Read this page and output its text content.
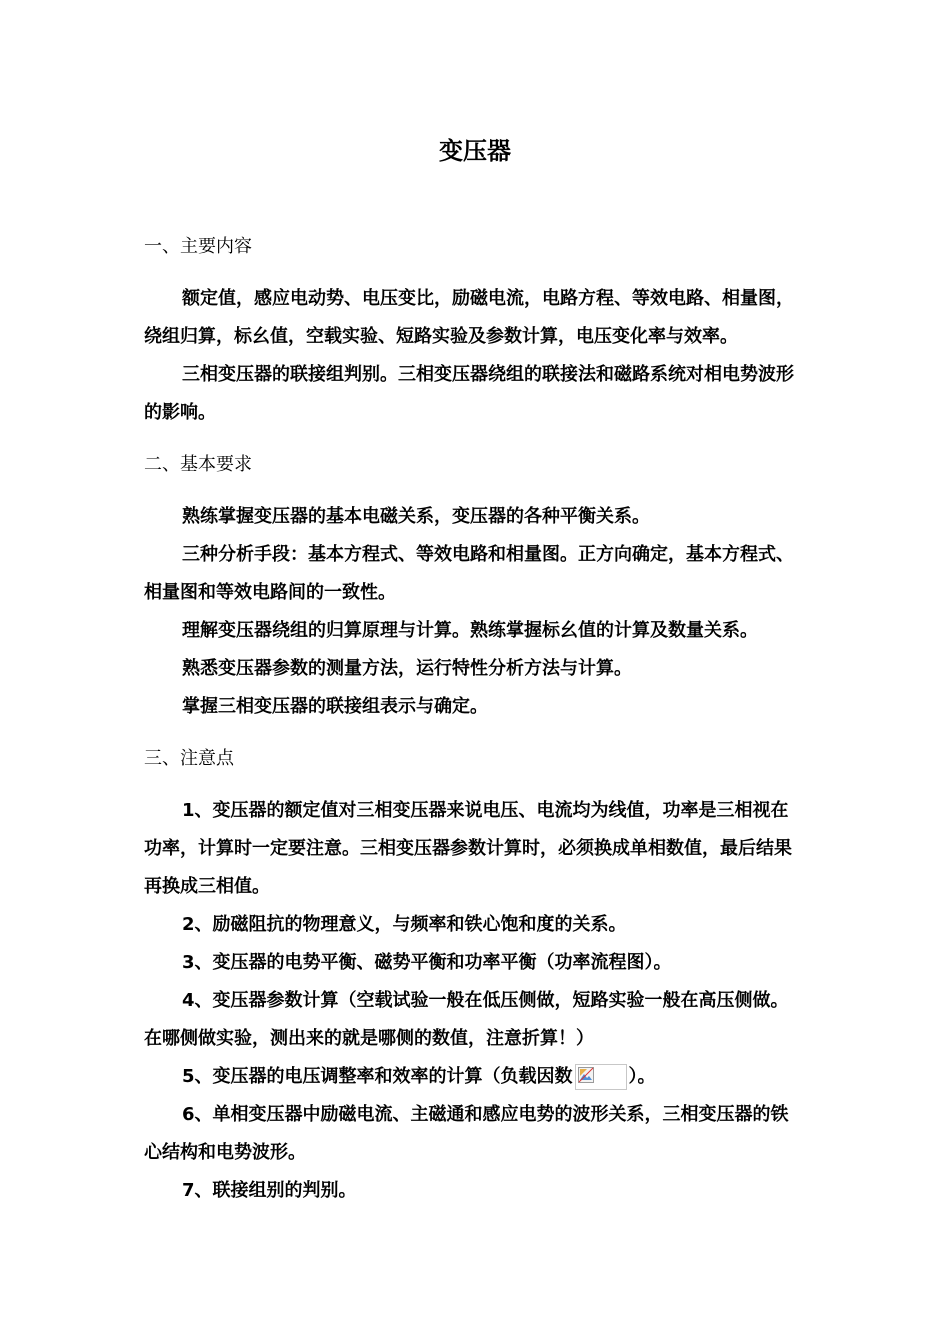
变压器
一、主要内容

额定值，感应电动势、电压变比，励磁电流，电路方程、等效电路、相量图，绕组归算，标幺值，空载实验、短路实验及参数计算，电压变化率与效率。

三相变压器的联接组判别。三相变压器绕组的联接法和磁路系统对相电势波形的影响。

二、基本要求

熟练掌握变压器的基本电磁关系，变压器的各种平衡关系。

三种分析手段：基本方程式、等效电路和相量图。正方向确定，基本方程式、相量图和等效电路间的一致性。

理解变压器绕组的归算原理与计算。熟练掌握标幺值的计算及数量关系。

熟悉变压器参数的测量方法，运行特性分析方法与计算。

掌握三相变压器的联接组表示与确定。

三、注意点

1、变压器的额定值对三相变压器来说电压、电流均为线值，功率是三相视在功率，计算时一定要注意。三相变压器参数计算时，必须换成单相数值，最后结果再换成三相值。

2、励磁阻抗的物理意义，与频率和铁心饱和度的关系。

3、变压器的电势平衡、磁势平衡和功率平衡（功率流程图）。

4、变压器参数计算（空载试验一般在低压侧做，短路实验一般在高压侧做。在哪侧做实验，测出来的就是哪侧的数值，注意折算！）

5、变压器的电压调整率和效率的计算（负载因数	）。

6、单相变压器中励磁电流、主磁通和感应电势的波形关系，三相变压器的铁心结构和电势波形。

7、联接组别的判别。
